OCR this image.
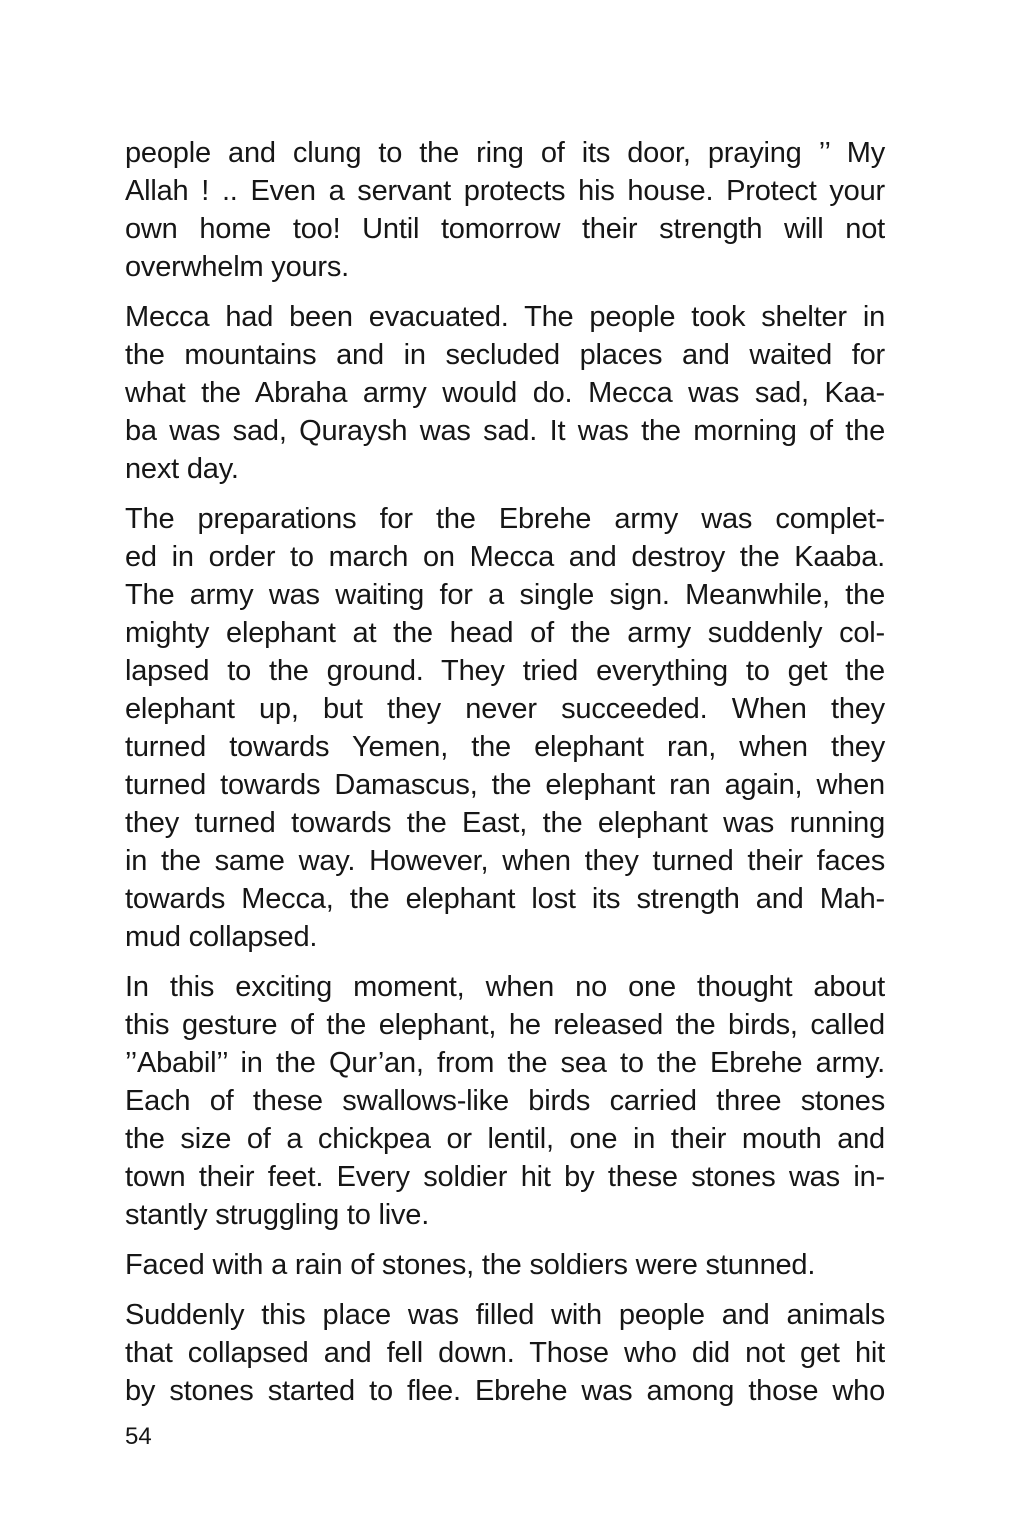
people and clung to the ring of its door, praying ’’ My
Allah ! .. Even a servant protects his house. Protect your
own home too! Until tomorrow their strength will not
overwhelm yours.
Mecca had been evacuated. The people took shelter in
the mountains and in secluded places and waited for
what the Abraha army would do. Mecca was sad, Kaa-
ba was sad, Quraysh was sad. It was the morning of the
next day.
The preparations for the Ebrehe army was complet-
ed in order to march on Mecca and destroy the Kaaba.
The army was waiting for a single sign. Meanwhile, the
mighty elephant at the head of the army suddenly col-
lapsed to the ground. They tried everything to get the
elephant up, but they never succeeded. When they
turned towards Yemen, the elephant ran, when they
turned towards Damascus, the elephant ran again, when
they turned towards the East, the elephant was running
in the same way. However, when they turned their faces
towards Mecca, the elephant lost its strength and Mah-
mud collapsed.
In this exciting moment, when no one thought about
this gesture of the elephant, he released the birds, called
’’Ababil’’ in the Qur’an, from the sea to the Ebrehe army.
Each of these swallows-like birds carried three stones
the size of a chickpea or lentil, one in their mouth and
town their feet. Every soldier hit by these stones was in-
stantly struggling to live.
Faced with a rain of stones, the soldiers were stunned.
Suddenly this place was filled with people and animals
that collapsed and fell down. Those who did not get hit
by stones started to flee. Ebrehe was among those who
54
